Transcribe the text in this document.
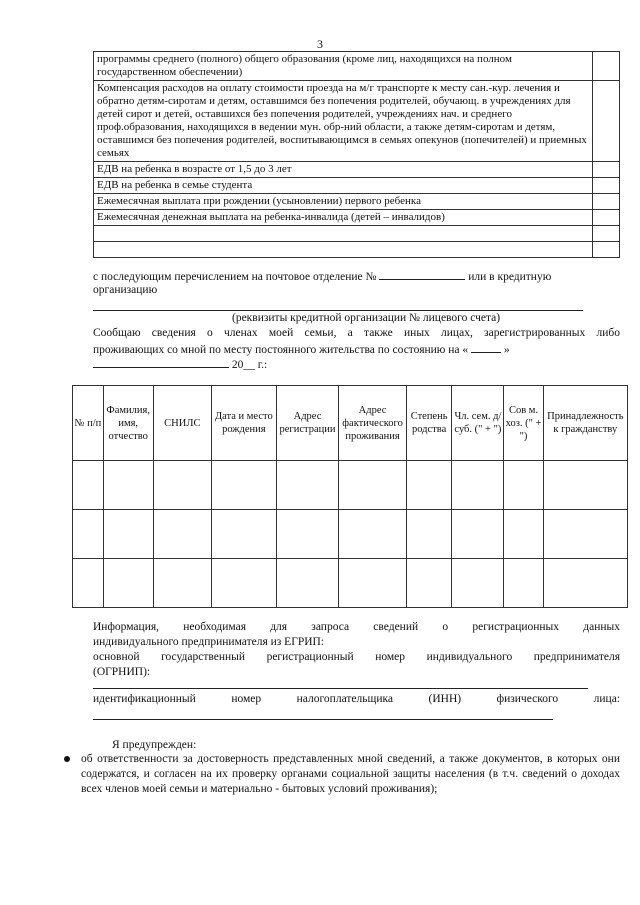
3
программы среднего (полного) общего образования (кроме лиц, находящихся на полном государственном обеспечении)	
Компенсация расходов на оплату стоимости проезда на м/г транспорте к месту сан.-кур. лечения и обратно детям-сиротам и детям, оставшимся без попечения родителей, обучающ. в учреждениях для детей сирот и детей, оставшихся без попечения родителей, учреждениях нач. и среднего проф.образования, находящихся в ведении мун. обр-ний области, а также детям-сиротам и детям, оставшимся без попечения родителей, воспитывающимся в семьях опекунов (попечителей) и приемных семьях	
ЕДВ на ребенка в возрасте от 1,5 до 3 лет	
ЕДВ на ребенка в семье студента	
Ежемесячная выплата при рождении (усыновлении) первого ребенка	
Ежемесячная денежная выплата на ребенка-инвалида (детей – инвалидов)	

с последующим перечислением на почтовое отделение №	или в кредитную
организацию
(реквизиты кредитной организации № лицевого счета)
Сообщаю сведения о членах моей семьи, а также иных лицах, зарегистрированных либо
проживающих со мной по месту постоянного жительства по состоянию на «	»
20__ г.:
№ п/п	Фамилия, имя, отчество	СНИЛС	Дата и место рождения	Адрес регистрации	Адрес фактического проживания	Степень родства	Чл. сем. д/суб. (" + ")	Сов м. хоз. (" + ")	Принадлежность к гражданству

Информация, необходимая для запроса сведений о регистрационных данных
индивидуального предпринимателя из ЕГРИП:
основной государственный регистрационный номер индивидуального предпринимателя
(ОГРНИП):
идентификационный номер налогоплательщика (ИНН) физического лица:
Я предупрежден:
об ответственности за достоверность представленных мной сведений, а также документов, в которых они содержатся, и согласен на их проверку органами социальной защиты населения (в т.ч. сведений о доходах всех членов моей семьи и материально - бытовых условий проживания);
